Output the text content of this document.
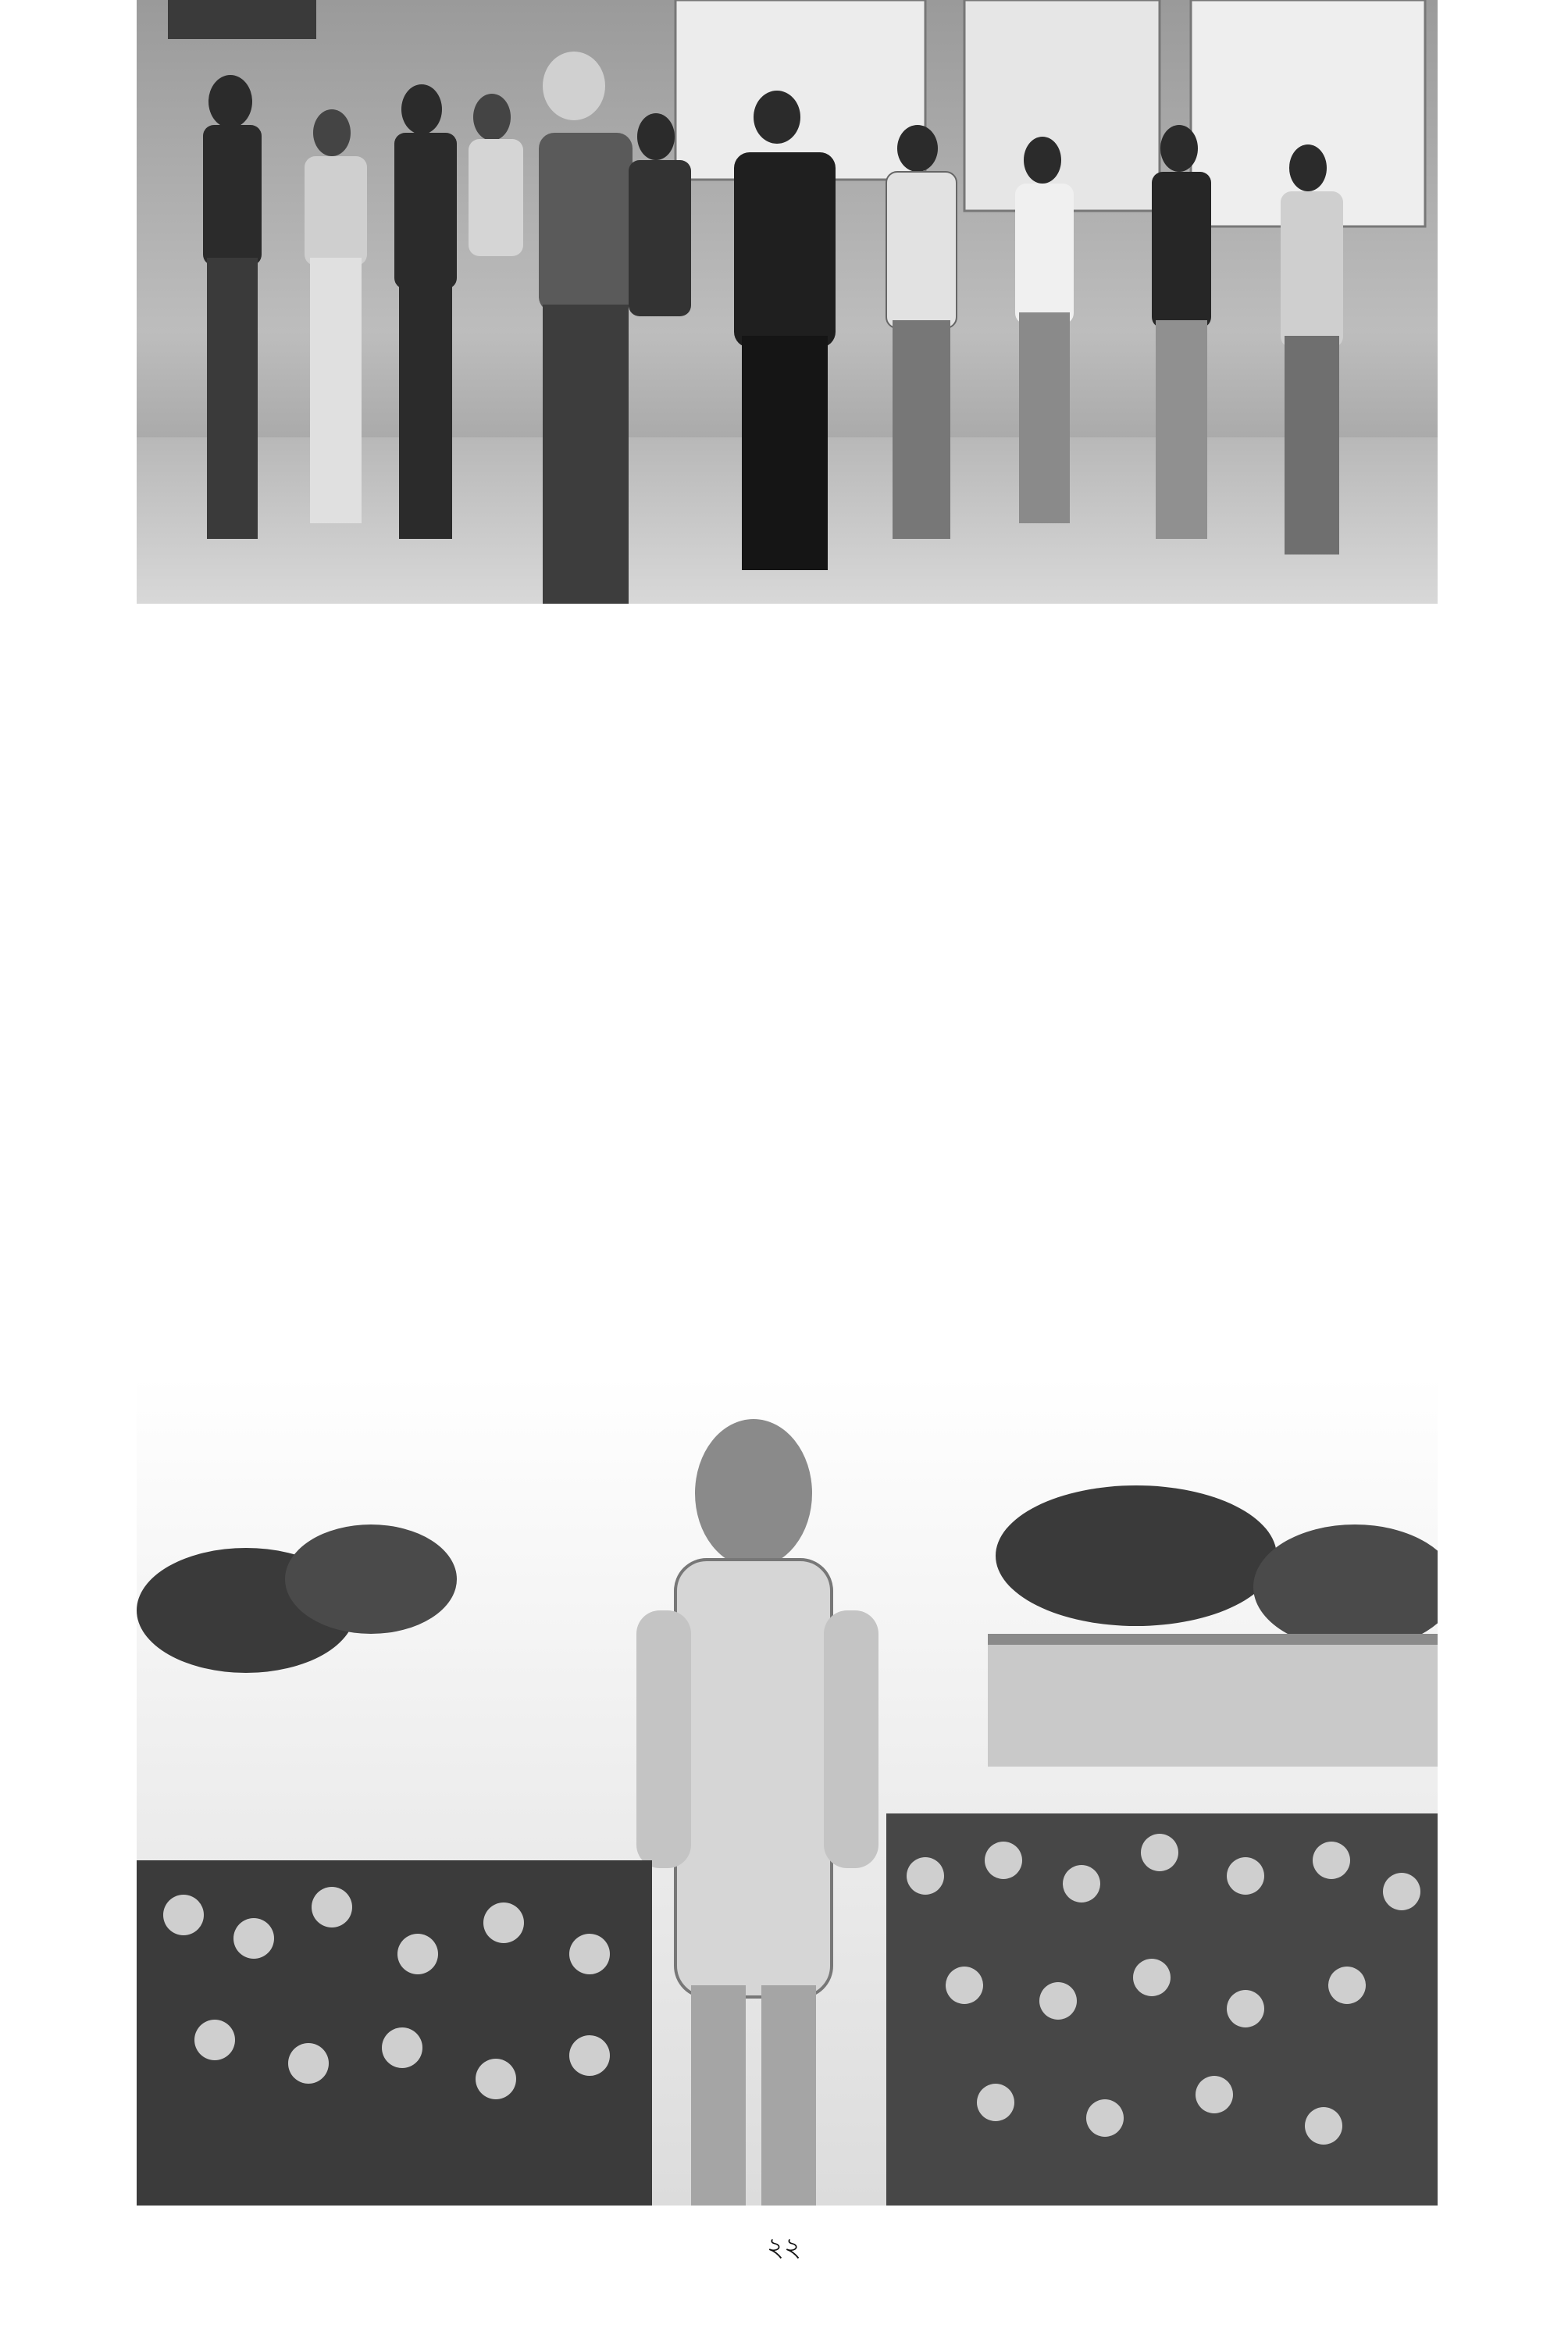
২২
